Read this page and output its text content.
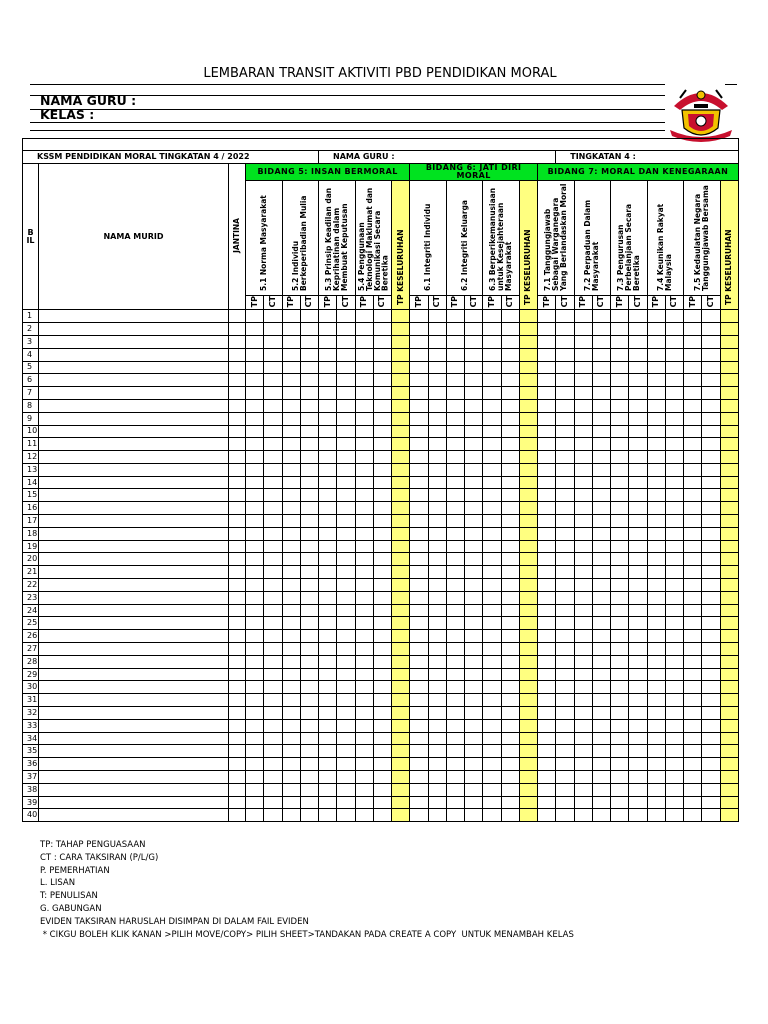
LEMBARAN TRANSIT AKTIVITI PBD PENDIDIKAN MORAL
NAMA GURU :
KELAS :

KSSM PENDIDIKAN MORAL TINGKATAN 4 / 2022							NAMA GURU :													TINGKATAN 4 :									
BIL	NAMA MURID	JANTINA	BIDANG 5: INSAN BERMORAL									BIDANG 6: JATI DIRI MORAL							BIDANG 7: MORAL DAN KENEGARAAN										
			5.1 Norma Masyarakat		5.2 Individu Berkeperibadian Mulia		5.3 Prinsip Keadilan dan Keprihatinan dalam Membuat Keputusan		5.4 Penggunaan Teknologi Maklumat dan Komunikasi Secara Beretika		TP KESELURUHAN	6.1 Integriti Individu		6.2 Integriti Keluarga		6.3 Berperikemanusiaan untuk Kesejahteraan Masyarakat		TP KESELURUHAN	7.1 Tanggungjawab Sebagai Warganegara Yang Berlandaskan Moral		7.2 Perpaduan Dalam Masyarakat		7.3 Pengurusan Perbelanjaan Secara Beretika		7.4 Keunikan Rakyat Malaysia		7.5 Kedaulatan Negara Tanggungjawab Bersama		TP KESELURUHAN
			TP	CT	TP	CT	TP	CT	TP	CT		TP	CT	TP	CT	TP	CT		TP	CT	TP	CT	TP	CT	TP	CT	TP	CT	
1																													
2																													
3																													
4																													
5																													
6																													
7																													
8																													
9																													
10																													
11																													
12																													
13																													
14																													
15																													
16																													
17																													
18																													
19																													
20																													
21																													
22																													
23																													
24																													
25																													
26																													
27																													
28																													
29																													
30																													
31																													
32																													
33																													
34																													
35																													
36																													
37																													
38																													
39																													
40																													
TP: TAHAP PENGUASAAN
CT : CARA TAKSIRAN (P/L/G)
P. PEMERHATIAN
L. LISAN
T: PENULISAN
G. GABUNGAN
EVIDEN TAKSIRAN HARUSLAH DISIMPAN DI DALAM FAIL EVIDEN
* CIKGU BOLEH KLIK KANAN >PILIH MOVE/COPY> PILIH SHEET>TANDAKAN PADA CREATE A COPY  UNTUK MENAMBAH KELAS
